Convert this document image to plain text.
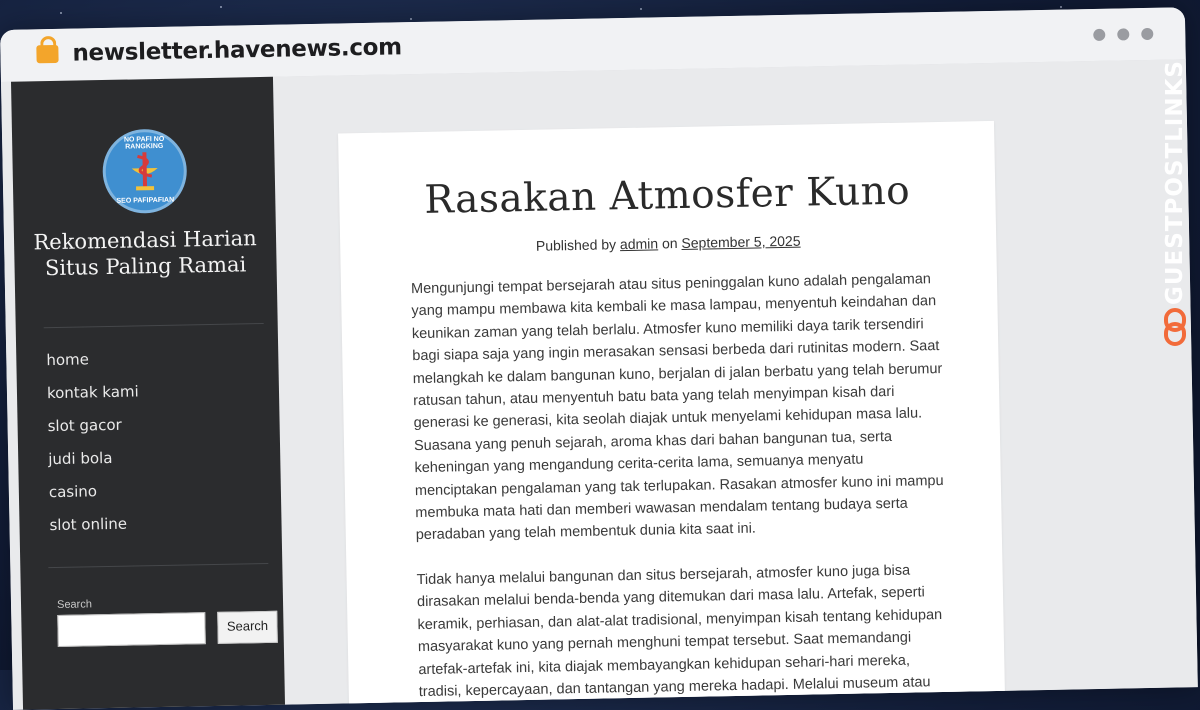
newsletter.havenews.com
NO PAFI NO RANGKING
SEO PAFIPAFIAN
Rekomendasi Harian Situs Paling Ramai
home
kontak kami
slot gacor
judi bola
casino
slot online
Search
Search
Rasakan Atmosfer Kuno
Published by admin on September 5, 2025

Mengunjungi tempat bersejarah atau situs peninggalan kuno adalah pengalaman yang mampu membawa kita kembali ke masa lampau, menyentuh keindahan dan keunikan zaman yang telah berlalu. Atmosfer kuno memiliki daya tarik tersendiri bagi siapa saja yang ingin merasakan sensasi berbeda dari rutinitas modern. Saat melangkah ke dalam bangunan kuno, berjalan di jalan berbatu yang telah berumur ratusan tahun, atau menyentuh batu bata yang telah menyimpan kisah dari generasi ke generasi, kita seolah diajak untuk menyelami kehidupan masa lalu. Suasana yang penuh sejarah, aroma khas dari bahan bangunan tua, serta keheningan yang mengandung cerita-cerita lama, semuanya menyatu menciptakan pengalaman yang tak terlupakan. Rasakan atmosfer kuno ini mampu membuka mata hati dan memberi wawasan mendalam tentang budaya serta peradaban yang telah membentuk dunia kita saat ini.

Tidak hanya melalui bangunan dan situs bersejarah, atmosfer kuno juga bisa dirasakan melalui benda-benda yang ditemukan dari masa lalu. Artefak, seperti keramik, perhiasan, dan alat-alat tradisional, menyimpan kisah tentang kehidupan masyarakat kuno yang pernah menghuni tempat tersebut. Saat memandangi artefak-artefak ini, kita diajak membayangkan kehidupan sehari-hari mereka, tradisi, kepercayaan, dan tantangan yang mereka hadapi. Melalui museum atau

GUESTPOSTLINKS
